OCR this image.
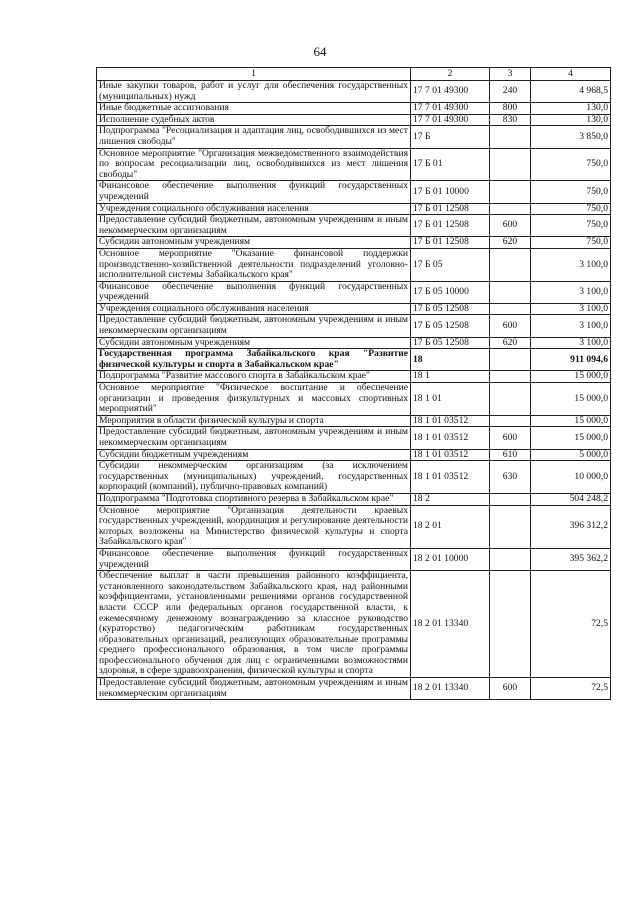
64
1	2	3	4
Иные закупки товаров, работ и услуг для обеспечения государственных (муниципальных) нужд	17 7 01 49300	240	4 968,5
Иные бюджетные ассигнования	17 7 01 49300	800	130,0
Исполнение судебных актов	17 7 01 49300	830	130,0
Подпрограмма "Ресоциализация и адаптация лиц, освободившихся из мест лишения свободы"	17 Б		3 850,0
Основное мероприятие "Организация межведомственного взаимодействия по вопросам ресоциализации лиц, освободившихся из мест лишения свободы"	17 Б 01		750,0
Финансовое обеспечение выполнения функций государственных учреждений	17 Б 01 10000		750,0
Учреждения социального обслуживания населения	17 Б 01 12508		750,0
Предоставление субсидий бюджетным, автономным учреждениям и иным некоммерческим организациям	17 Б 01 12508	600	750,0
Субсидии автономным учреждениям	17 Б 01 12508	620	750,0
Основное мероприятие "Оказание финансовой поддержки производственно-хозяйственной деятельности подразделений уголовно-исполнительной системы Забайкальского края"	17 Б 05		3 100,0
Финансовое обеспечение выполнения функций государственных учреждений	17 Б 05 10000		3 100,0
Учреждения социального обслуживания населения	17 Б 05 12508		3 100,0
Предоставление субсидий бюджетным, автономным учреждениям и иным некоммерческим организациям	17 Б 05 12508	600	3 100,0
Субсидии автономным учреждениям	17 Б 05 12508	620	3 100,0
Государственная программа Забайкальского края "Развитие физической культуры и спорта в Забайкальском крае"	18		911 094,6
Подпрограмма "Развитие массового спорта в Забайкальском крае"	18 1		15 000,0
Основное мероприятие "Физическое воспитание и обеспечение организации и проведения физкультурных и массовых спортивных мероприятий"	18 1 01		15 000,0
Мероприятия в области физической культуры и спорта	18 1 01 03512		15 000,0
Предоставление субсидий бюджетным, автономным учреждениям и иным некоммерческим организациям	18 1 01 03512	600	15 000,0
Субсидии бюджетным учреждениям	18 1 01 03512	610	5 000,0
Субсидии некоммерческим организациям (за исключением государственных (муниципальных) учреждений, государственных корпораций (компаний), публично-правовых компаний)	18 1 01 03512	630	10 000,0
Подпрограмма "Подготовка спортивного резерва в Забайкальском крае"	18 2		504 248,2
Основное мероприятие "Организация деятельности краевых государственных учреждений, координация и регулирование деятельности которых возложены на Министерство физической культуры и спорта Забайкальского края"	18 2 01		396 312,2
Финансовое обеспечение выполнения функций государственных учреждений	18 2 01 10000		395 362,2
Обеспечение выплат в части превышения районного коэффициента, установленного законодательством Забайкальского края, над районными коэффициентами, установленными решениями органов государственной власти СССР или федеральных органов государственной власти, к ежемесячному денежному вознаграждению за классное руководство (кураторство) педагогическим работникам государственных образовательных организаций, реализующих образовательные программы среднего профессионального образования, в том числе программы профессионального обучения для лиц с ограниченными возможностями здоровья, в сфере здравоохранения, физической культуры и спорта	18 2 01 13340		72,5
Предоставление субсидий бюджетным, автономным учреждениям и иным некоммерческим организациям	18 2 01 13340	600	72,5
